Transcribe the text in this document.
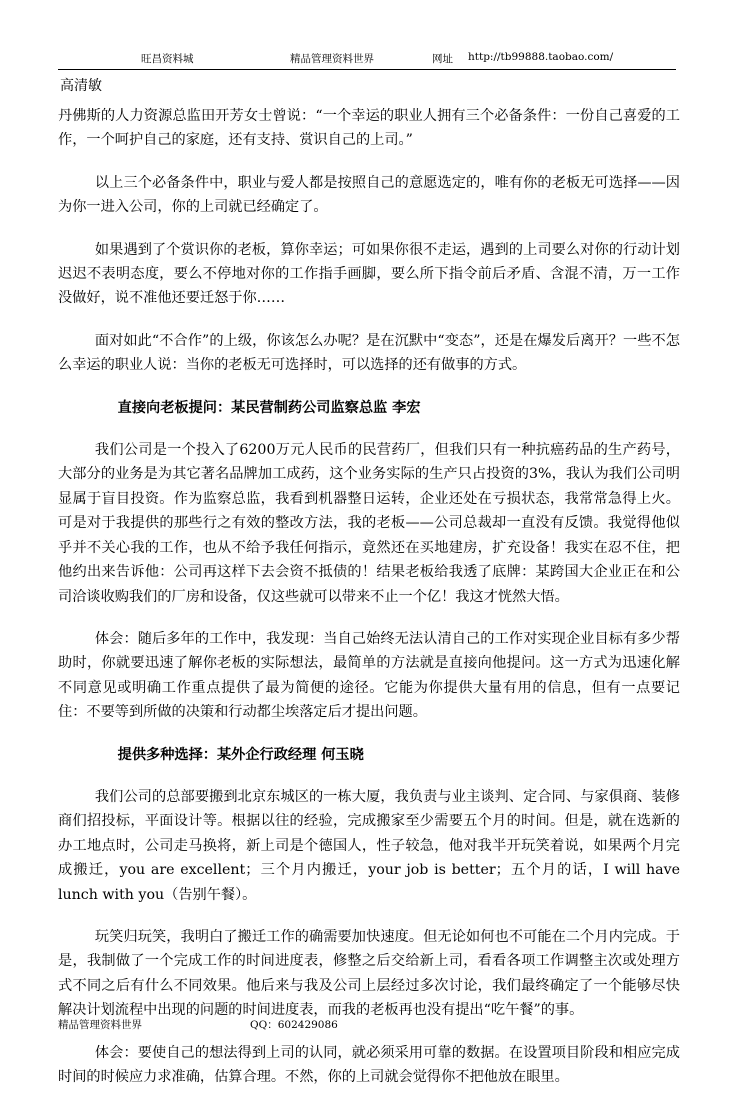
旺昌资料城	精品管理资料世界	网址 http://tb99888.taobao.com/
高清敏

丹佛斯的人力资源总监田开芳女士曾说：“一个幸运的职业人拥有三个必备条件：一份自己喜爱的工作，一个呵护自己的家庭，还有支持、赏识自己的上司。”

以上三个必备条件中，职业与爱人都是按照自己的意愿选定的，唯有你的老板无可选择——因为你一进入公司，你的上司就已经确定了。

如果遇到了个赏识你的老板，算你幸运；可如果你很不走运，遇到的上司要么对你的行动计划迟迟不表明态度，要么不停地对你的工作指手画脚，要么所下指令前后矛盾、含混不清，万一工作没做好，说不准他还要迁怒于你……

面对如此“不合作”的上级，你该怎么办呢？是在沉默中“变态”，还是在爆发后离开？一些不怎么幸运的职业人说：当你的老板无可选择时，可以选择的还有做事的方式。

直接向老板提问：某民营制药公司监察总监 李宏

我们公司是一个投入了6200万元人民币的民营药厂，但我们只有一种抗癌药品的生产药号，大部分的业务是为其它著名品牌加工成药，这个业务实际的生产只占投资的3%，我认为我们公司明显属于盲目投资。作为监察总监，我看到机器整日运转，企业还处在亏损状态，我常常急得上火。可是对于我提供的那些行之有效的整改方法，我的老板——公司总裁却一直没有反馈。我觉得他似乎并不关心我的工作，也从不给予我任何指示，竟然还在买地建房，扩充设备！我实在忍不住，把他约出来告诉他：公司再这样下去会资不抵债的！结果老板给我透了底牌：某跨国大企业正在和公司洽谈收购我们的厂房和设备，仅这些就可以带来不止一个亿！我这才恍然大悟。

体会：随后多年的工作中，我发现：当自己始终无法认清自己的工作对实现企业目标有多少帮助时，你就要迅速了解你老板的实际想法，最简单的方法就是直接向他提问。这一方式为迅速化解不同意见或明确工作重点提供了最为简便的途径。它能为你提供大量有用的信息，但有一点要记住：不要等到所做的决策和行动都尘埃落定后才提出问题。

提供多种选择：某外企行政经理 何玉晓

我们公司的总部要搬到北京东城区的一栋大厦，我负责与业主谈判、定合同、与家俱商、装修商们招投标，平面设计等。根据以往的经验，完成搬家至少需要五个月的时间。但是，就在选新的办工地点时，公司走马换将，新上司是个德国人，性子较急，他对我半开玩笑着说，如果两个月完成搬迁，you are excellent；三个月内搬迁，your job is better；五个月的话，I will have lunch with you（告别午餐）。

玩笑归玩笑，我明白了搬迁工作的确需要加快速度。但无论如何也不可能在二个月内完成。于是，我制做了一个完成工作的时间进度表，修整之后交给新上司，看看各项工作调整主次或处理方式不同之后有什么不同效果。他后来与我及公司上层经过多次讨论，我们最终确定了一个能够尽快解决计划流程中出现的问题的时间进度表，而我的老板再也没有提出“吃午餐”的事。

体会：要使自己的想法得到上司的认同，就必须采用可靠的数据。在设置项目阶段和相应完成时间的时候应力求准确，估算合理。不然，你的上司就会觉得你不把他放在眼里。

精品管理资料世界	QQ：602429086
